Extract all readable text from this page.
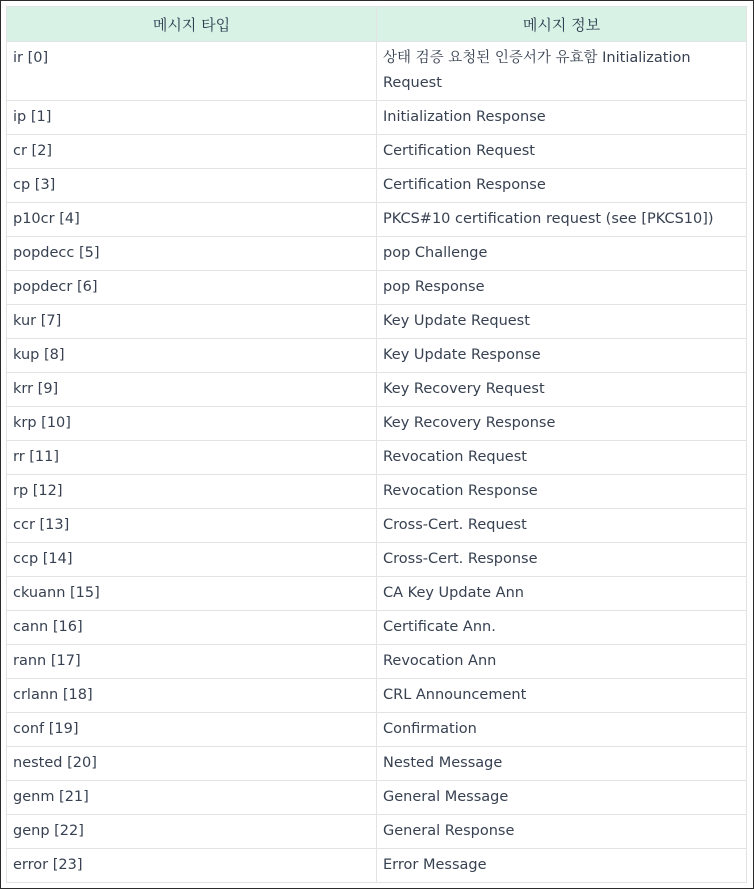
메시지 타입	메시지 정보
ir [0]	상태 검증 요청된 인증서가 유효함 Initialization Request
ip [1]	Initialization Response
cr [2]	Certification Request
cp [3]	Certification Response
p10cr [4]	PKCS#10 certification request (see [PKCS10])
popdecc [5]	pop Challenge
popdecr [6]	pop Response
kur [7]	Key Update Request
kup [8]	Key Update Response
krr [9]	Key Recovery Request
krp [10]	Key Recovery Response
rr [11]	Revocation Request
rp [12]	Revocation Response
ccr [13]	Cross-Cert. Request
ccp [14]	Cross-Cert. Response
ckuann [15]	CA Key Update Ann
cann [16]	Certificate Ann.
rann [17]	Revocation Ann
crlann [18]	CRL Announcement
conf [19]	Confirmation
nested [20]	Nested Message
genm [21]	General Message
genp [22]	General Response
error [23]	Error Message
